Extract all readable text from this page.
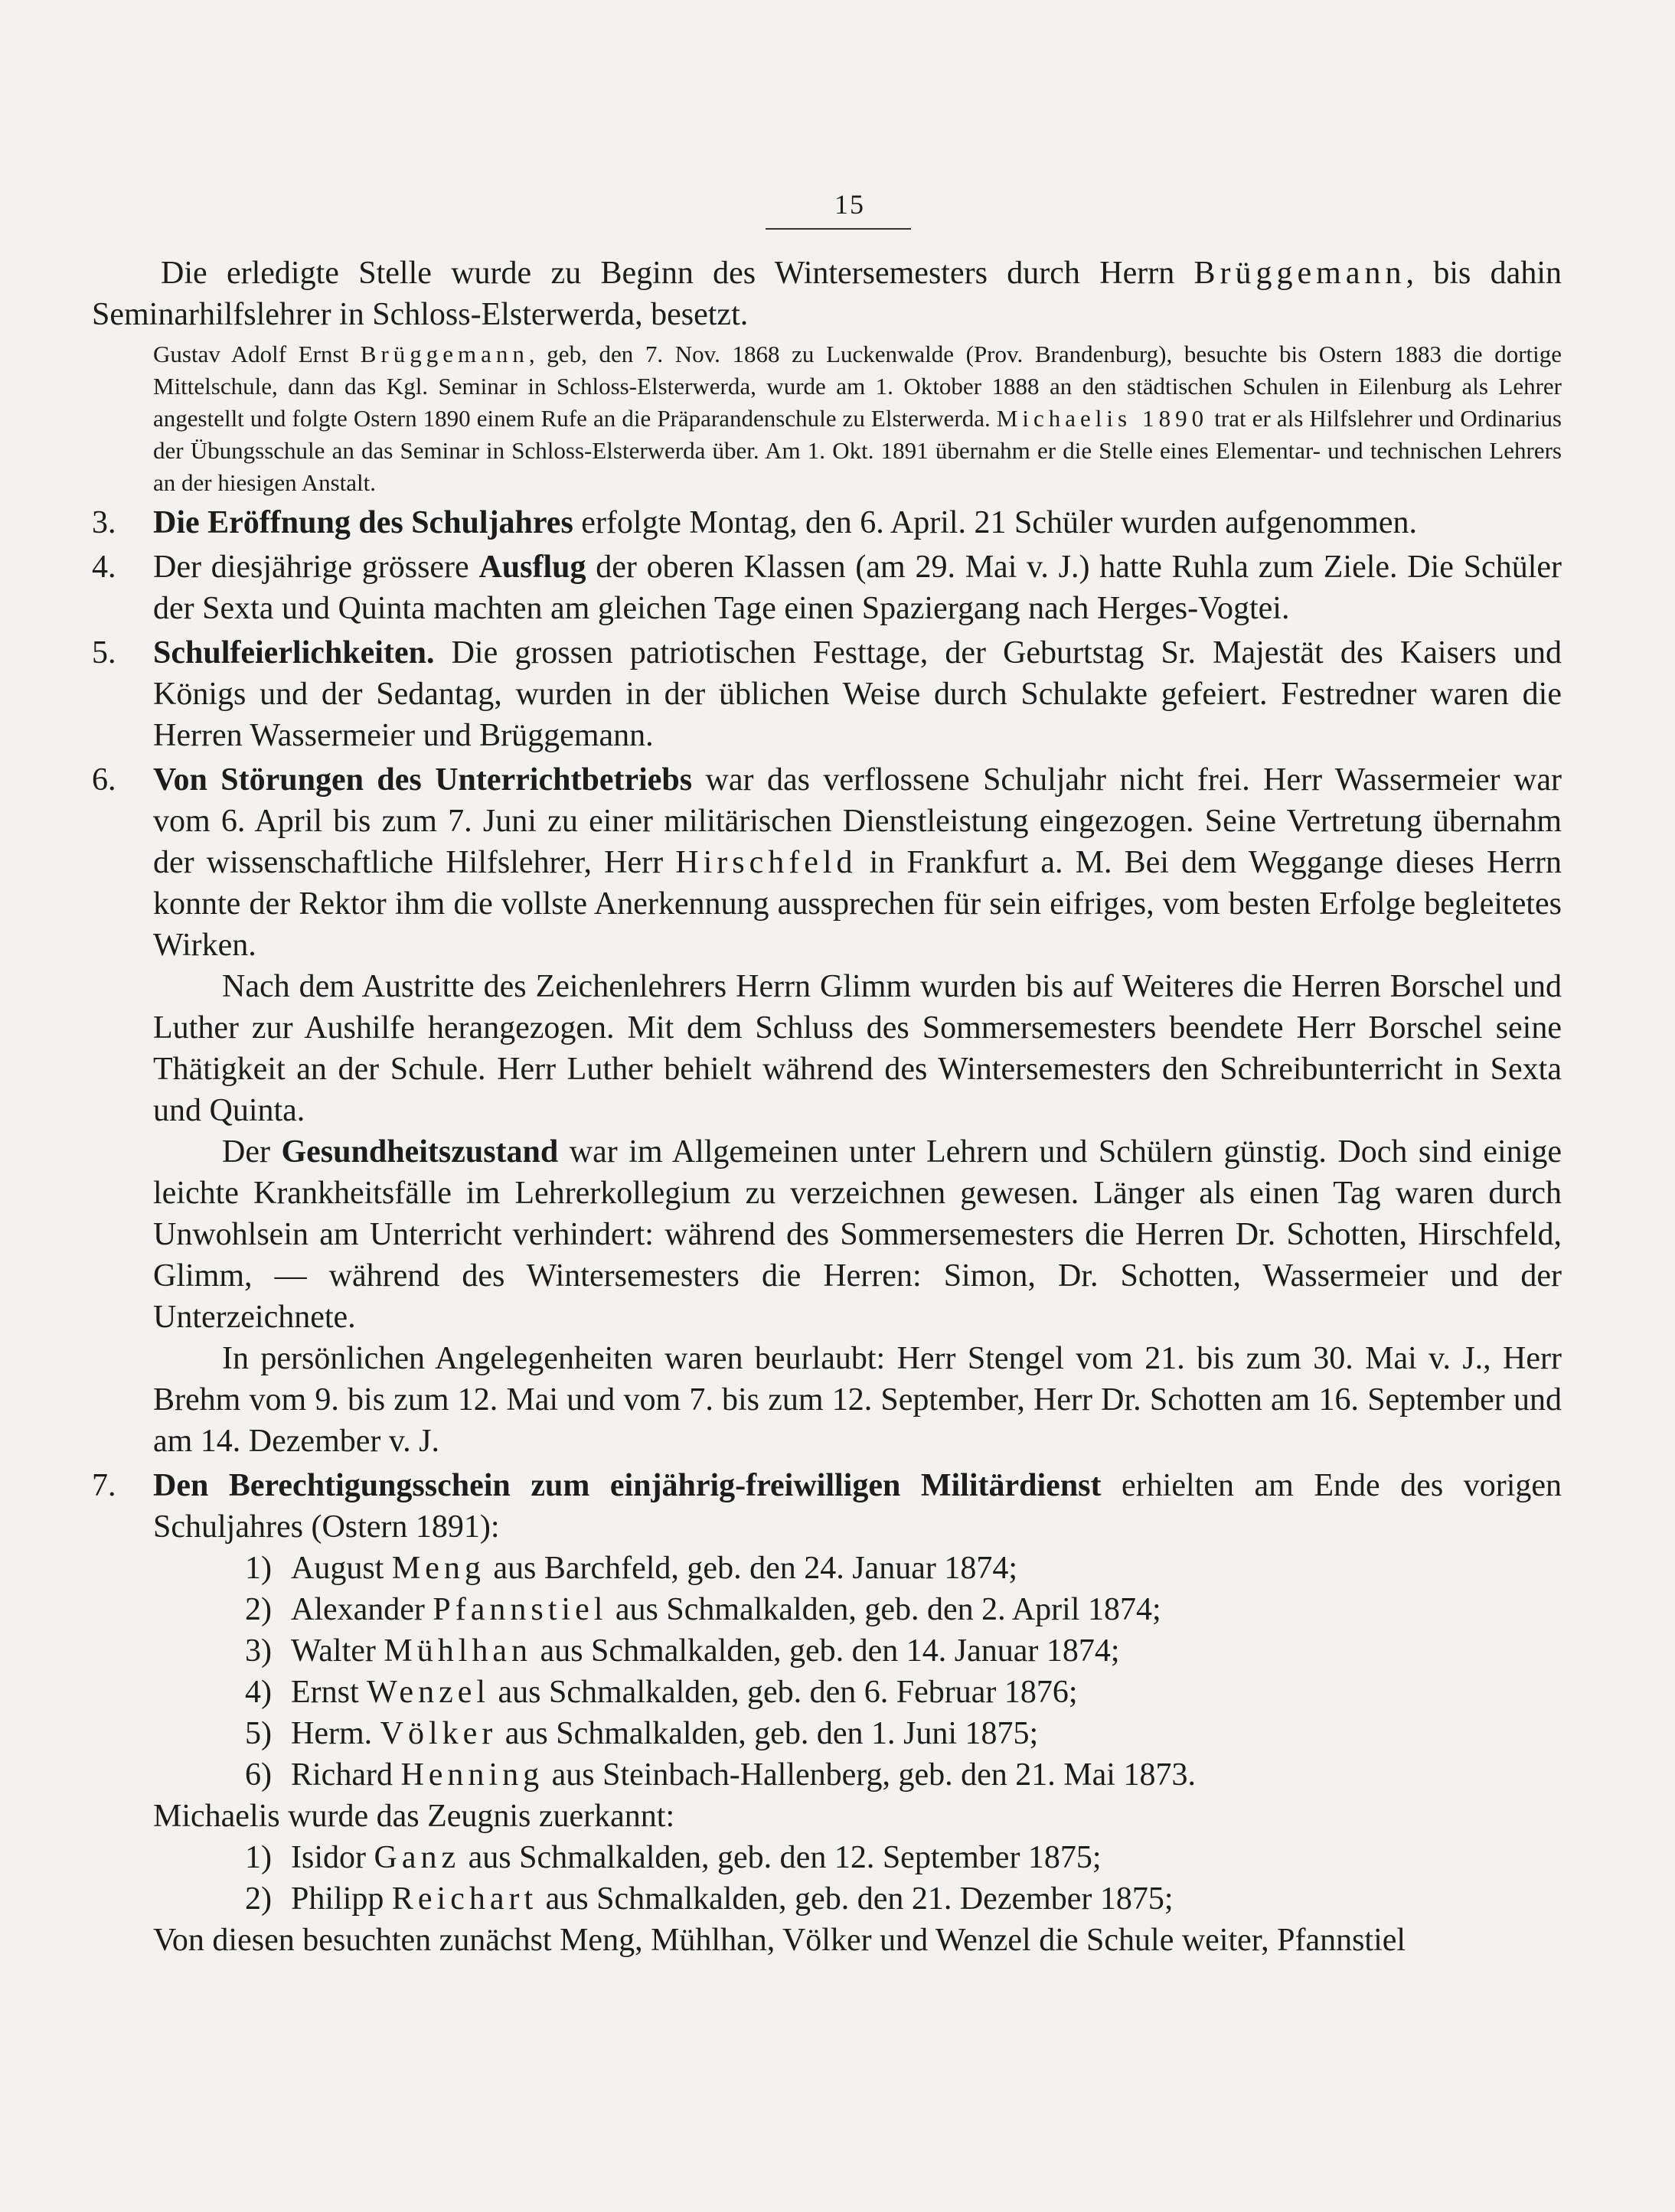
15

Die erledigte Stelle wurde zu Beginn des Wintersemesters durch Herrn Brüggemann, bis dahin Seminarhilfslehrer in Schloss-Elsterwerda, besetzt.

Gustav Adolf Ernst Brüggemann, geb, den 7. Nov. 1868 zu Luckenwalde (Prov. Brandenburg), besuchte bis Ostern 1883 die dortige Mittelschule, dann das Kgl. Seminar in Schloss-Elsterwerda, wurde am 1. Oktober 1888 an den städtischen Schulen in Eilenburg als Lehrer angestellt und folgte Ostern 1890 einem Rufe an die Präparandenschule zu Elsterwerda. Michaelis 1890 trat er als Hilfslehrer und Ordinarius der Übungsschule an das Seminar in Schloss-Elsterwerda über. Am 1. Okt. 1891 übernahm er die Stelle eines Elementar- und technischen Lehrers an der hiesigen Anstalt.

3. Die Eröffnung des Schuljahres erfolgte Montag, den 6. April. 21 Schüler wurden aufgenommen.

4. Der diesjährige grössere Ausflug der oberen Klassen (am 29. Mai v. J.) hatte Ruhla zum Ziele. Die Schüler der Sexta und Quinta machten am gleichen Tage einen Spaziergang nach Herges-Vogtei.

5. Schulfeierlichkeiten. Die grossen patriotischen Festtage, der Geburtstag Sr. Majestät des Kaisers und Königs und der Sedantag, wurden in der üblichen Weise durch Schulakte gefeiert. Festredner waren die Herren Wassermeier und Brüggemann.

6. Von Störungen des Unterrichtbetriebs war das verflossene Schuljahr nicht frei. Herr Wassermeier war vom 6. April bis zum 7. Juni zu einer militärischen Dienstleistung eingezogen. Seine Vertretung übernahm der wissenschaftliche Hilfslehrer, Herr Hirschfeld in Frankfurt a. M. Bei dem Weggange dieses Herrn konnte der Rektor ihm die vollste Anerkennung aussprechen für sein eifriges, vom besten Erfolge begleitetes Wirken.

Nach dem Austritte des Zeichenlehrers Herrn Glimm wurden bis auf Weiteres die Herren Borschel und Luther zur Aushilfe herangezogen. Mit dem Schluss des Sommersemesters beendete Herr Borschel seine Thätigkeit an der Schule. Herr Luther behielt während des Wintersemesters den Schreibunterricht in Sexta und Quinta.

Der Gesundheitszustand war im Allgemeinen unter Lehrern und Schülern günstig. Doch sind einige leichte Krankheitsfälle im Lehrerkollegium zu verzeichnen gewesen. Länger als einen Tag waren durch Unwohlsein am Unterricht verhindert: während des Sommersemesters die Herren Dr. Schotten, Hirschfeld, Glimm, — während des Wintersemesters die Herren: Simon, Dr. Schotten, Wassermeier und der Unterzeichnete.

In persönlichen Angelegenheiten waren beurlaubt: Herr Stengel vom 21. bis zum 30. Mai v. J., Herr Brehm vom 9. bis zum 12. Mai und vom 7. bis zum 12. September, Herr Dr. Schotten am 16. September und am 14. Dezember v. J.

7. Den Berechtigungsschein zum einjährig-freiwilligen Militärdienst erhielten am Ende des vorigen Schuljahres (Ostern 1891):

1) August Meng aus Barchfeld, geb. den 24. Januar 1874;
2) Alexander Pfannstiel aus Schmalkalden, geb. den 2. April 1874;
3) Walter Mühlhan aus Schmalkalden, geb. den 14. Januar 1874;
4) Ernst Wenzel aus Schmalkalden, geb. den 6. Februar 1876;
5) Herm. Völker aus Schmalkalden, geb. den 1. Juni 1875;
6) Richard Henning aus Steinbach-Hallenberg, geb. den 21. Mai 1873.

Michaelis wurde das Zeugnis zuerkannt:

1) Isidor Ganz aus Schmalkalden, geb. den 12. September 1875;
2) Philipp Reichart aus Schmalkalden, geb. den 21. Dezember 1875;

Von diesen besuchten zunächst Meng, Mühlhan, Völker und Wenzel die Schule weiter, Pfannstiel
